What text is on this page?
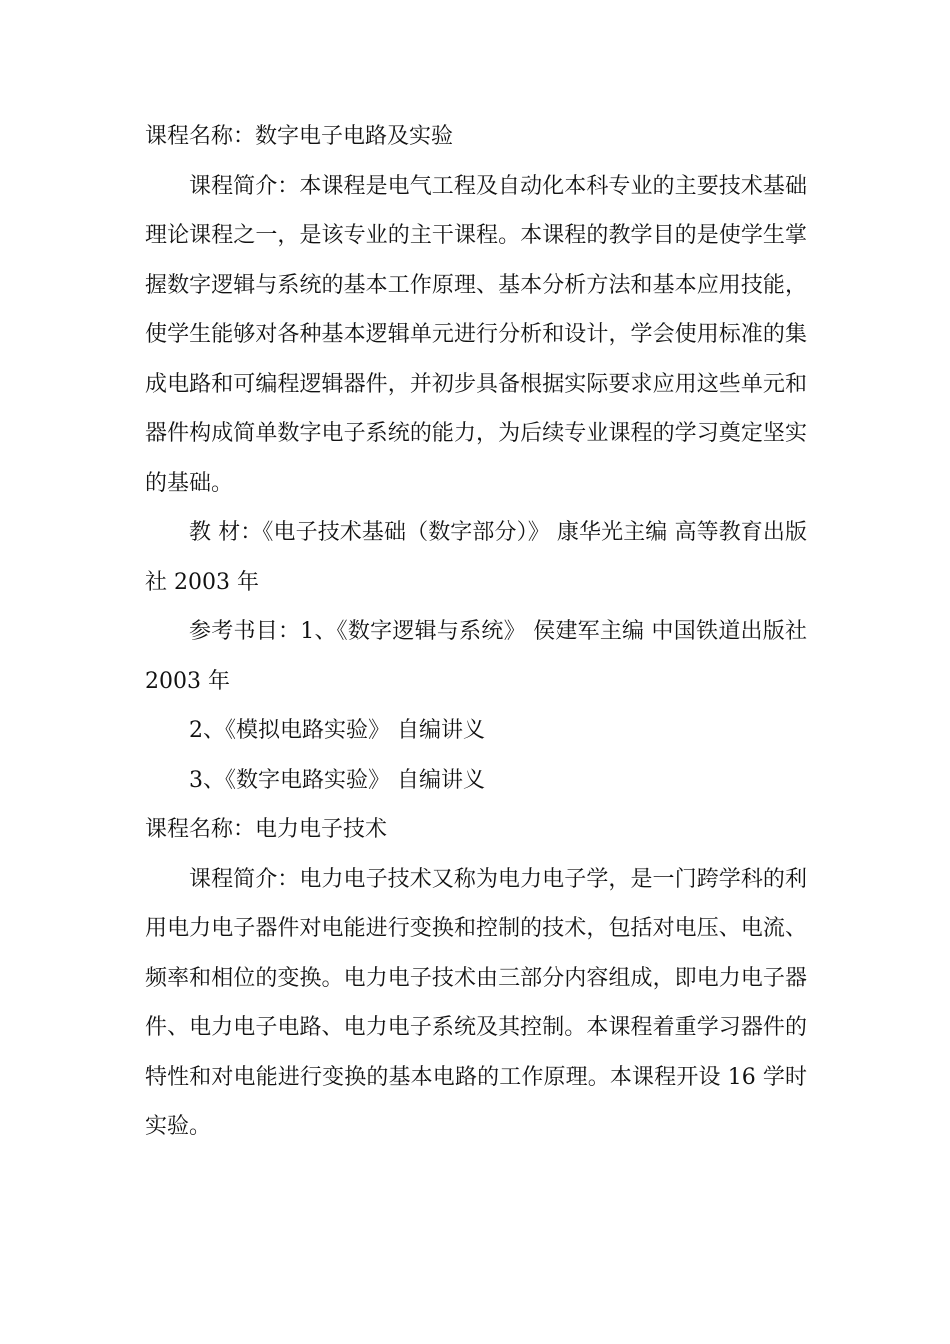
课程名称：数字电子电路及实验

课程简介：本课程是电气工程及自动化本科专业的主要技术基础理论课程之一，是该专业的主干课程。本课程的教学目的是使学生掌握数字逻辑与系统的基本工作原理、基本分析方法和基本应用技能，使学生能够对各种基本逻辑单元进行分析和设计，学会使用标准的集成电路和可编程逻辑器件，并初步具备根据实际要求应用这些单元和器件构成简单数字电子系统的能力，为后续专业课程的学习奠定坚实的基础。

教 材：《电子技术基础（数字部分）》 康华光主编 高等教育出版社 2003 年

参考书目：1、《数字逻辑与系统》 侯建军主编 中国铁道出版社 2003 年

2、《模拟电路实验》 自编讲义

3、《数字电路实验》 自编讲义

课程名称：电力电子技术

课程简介：电力电子技术又称为电力电子学，是一门跨学科的利用电力电子器件对电能进行变换和控制的技术，包括对电压、电流、频率和相位的变换。电力电子技术由三部分内容组成，即电力电子器件、电力电子电路、电力电子系统及其控制。本课程着重学习器件的特性和对电能进行变换的基本电路的工作原理。本课程开设 16 学时实验。
